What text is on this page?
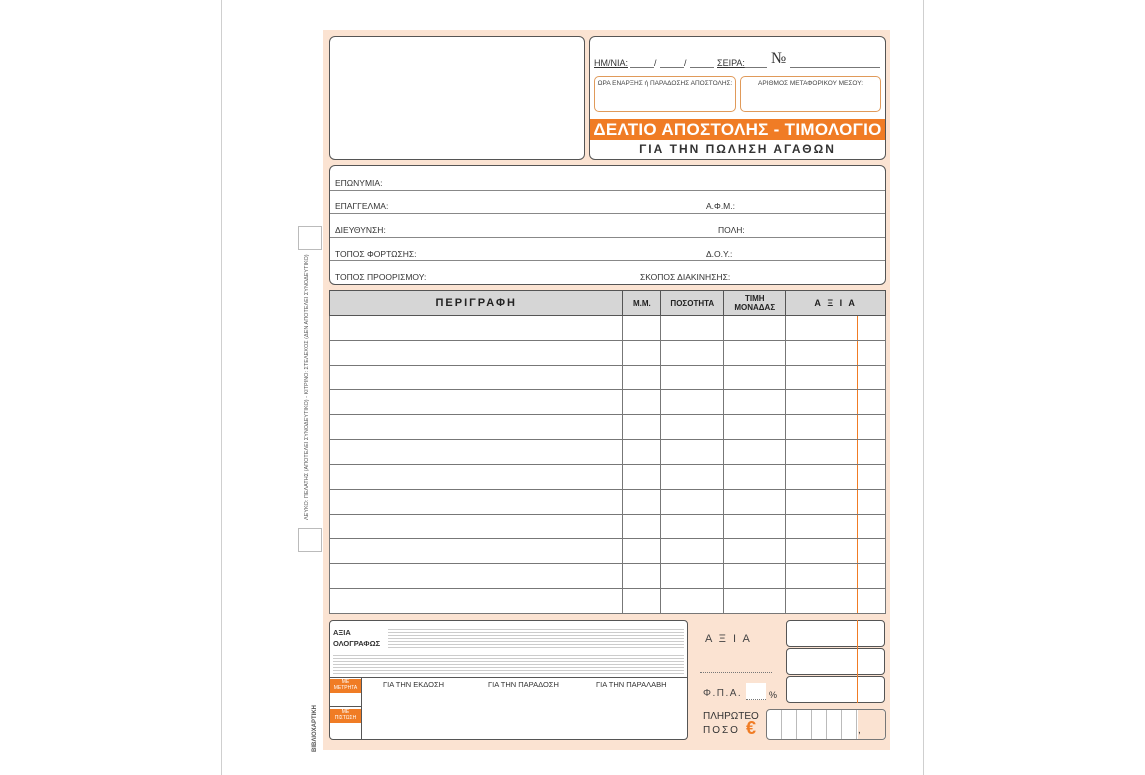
ΛΕΥΚΟ: ΠΕΛΑΤΗΣ (ΑΠΟΤΕΛΕΙ ΣΥΝΟΔΕΥΤΙΚΟ) - ΚΙΤΡΙΝΟ: ΣΤΕΛΕΧΟΣ (ΔΕΝ ΑΠΟΤΕΛΕΙ ΣΥΝΟΔΕΥΤΙΚΟ)
ΒΙΒΛΙΟΧΑΡΤΙΚΗ
ΗΜ/ΝΙΑ:	/	/	ΣΕΙΡΑ: №
ΩΡΑ ΕΝΑΡΞΗΣ ή ΠΑΡΑΔΟΣΗΣ ΑΠΟΣΤΟΛΗΣ:	ΑΡΙΘΜΟΣ ΜΕΤΑΦΟΡΙΚΟΥ ΜΕΣΟΥ:
ΔΕΛΤΙΟ ΑΠΟΣΤΟΛΗΣ - ΤΙΜΟΛΟΓΙΟ
ΓΙΑ ΤΗΝ ΠΩΛΗΣΗ ΑΓΑΘΩΝ
ΕΠΩΝΥΜΙΑ:
ΕΠΑΓΓΕΛΜΑ:	Α.Φ.Μ.:
ΔΙΕΥΘΥΝΣΗ:	ΠΟΛΗ:
ΤΟΠΟΣ ΦΟΡΤΩΣΗΣ:	Δ.Ο.Υ.:
ΤΟΠΟΣ ΠΡΟΟΡΙΣΜΟΥ:	ΣΚΟΠΟΣ ΔΙΑΚΙΝΗΣΗΣ:
ΠΕΡΙΓΡΑΦΗ	Μ.Μ.	ΠΟΣΟΤΗΤΑ	ΤΙΜΗ
ΜΟΝΑΔΑΣ	Α Ξ Ι Α	

ΑΞΙΑ
ΟΛΟΓΡΑΦΩΣ
ΜΕ
ΜΕΤΡΗΤΑ
ΜΕ
ΠΙΣΤΩΣΗ
ΓΙΑ ΤΗΝ ΕΚΔΟΣΗ	ΓΙΑ ΤΗΝ ΠΑΡΑΔΟΣΗ	ΓΙΑ ΤΗΝ ΠΑΡΑΛΑΒΗ
Α Ξ Ι Α
Φ.Π.Α.	%
ΠΛΗΡΩΤΕΟ
ΠΟΣΟ €	,
